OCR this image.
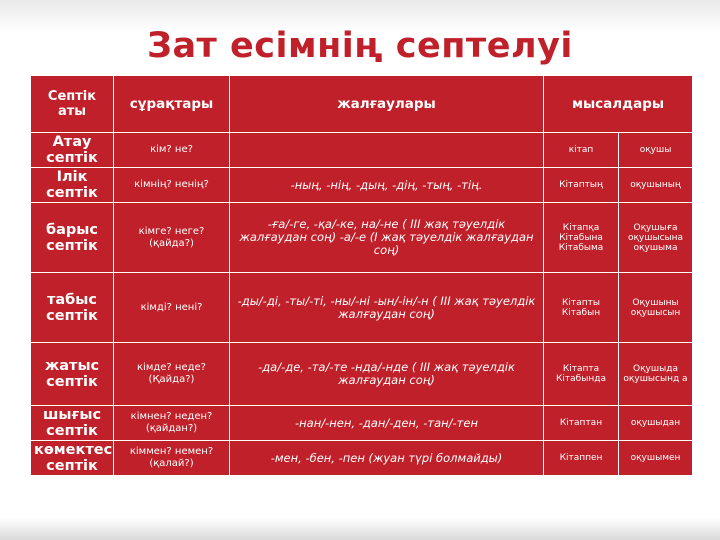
Зат есімнің септелуі
Септік аты	сұрақтары	жалғаулары	мысалдары	
Атау септік	кім? не?		кітап	оқушы
Ілік септік	кімнің? ненің?	-ның, -нің, -дың, -дің, -тың, -тің.	Кітаптың	оқушының
барыс септік	кімге? неге? (қайда?)	-ға/-ге, -қа/-ке, на/-не ( ІІІ жақ тәуелдік жалғаудан соң) -а/-е (І жақ тәуелдік жалғаудан соң)	Кітапқа Кітабына Кітабыма	Оқушыға оқушысына оқушыма
табыс септік	кімді? нені?	-ды/-ді, -ты/-ті, -ны/-ні -ын/-ін/-н ( ІІІ жақ тәуелдік жалғаудан соң)	Кітапты Кітабын	Оқушыны оқушысын
жатыс септік	кімде? неде? (Қайда?)	-да/-де, -та/-те -нда/-нде ( ІІІ жақ тәуелдік жалғаудан соң)	Кітапта Кітабында	Оқушыда оқушысынд а
шығыс септік	кімнен? неден? (қайдан?)	-нан/-нен, -дан/-ден, -тан/-тен	Кітаптан	оқушыдан
көмектес септік	кіммен? немен? (қалай?)	-мен, -бен, -пен (жуан түрі болмайды)	Кітаппен	оқушымен
